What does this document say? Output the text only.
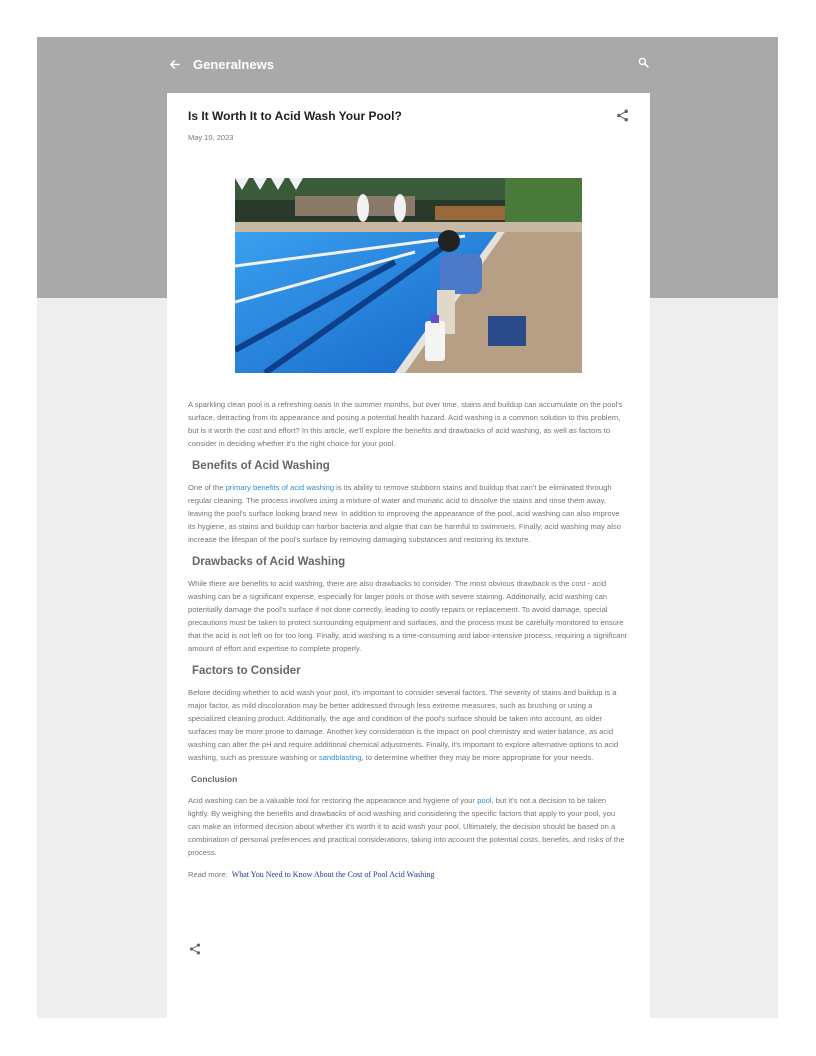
Generalnews
Is It Worth It to Acid Wash Your Pool?
May 10, 2023

A sparkling clean pool is a refreshing oasis in the summer months, but over time, stains and buildup can accumulate on the pool's surface, detracting from its appearance and posing a potential health hazard. Acid washing is a common solution to this problem, but is it worth the cost and effort? In this article, we'll explore the benefits and drawbacks of acid washing, as well as factors to consider in deciding whether it's the right choice for your pool.

Benefits of Acid Washing

One of the primary benefits of acid washing is its ability to remove stubborn stains and buildup that can't be eliminated through regular cleaning. The process involves using a mixture of water and muriatic acid to dissolve the stains and rinse them away, leaving the pool's surface looking brand new. In addition to improving the appearance of the pool, acid washing can also improve its hygiene, as stains and buildup can harbor bacteria and algae that can be harmful to swimmers. Finally, acid washing may also increase the lifespan of the pool's surface by removing damaging substances and restoring its texture.

Drawbacks of Acid Washing

While there are benefits to acid washing, there are also drawbacks to consider. The most obvious drawback is the cost - acid washing can be a significant expense, especially for larger pools or those with severe staining. Additionally, acid washing can potentially damage the pool's surface if not done correctly, leading to costly repairs or replacement. To avoid damage, special precautions must be taken to protect surrounding equipment and surfaces, and the process must be carefully monitored to ensure that the acid is not left on for too long. Finally, acid washing is a time-consuming and labor-intensive process, requiring a significant amount of effort and expertise to complete properly.

Factors to Consider

Before deciding whether to acid wash your pool, it's important to consider several factors. The severity of stains and buildup is a major factor, as mild discoloration may be better addressed through less extreme measures, such as brushing or using a specialized cleaning product. Additionally, the age and condition of the pool's surface should be taken into account, as older surfaces may be more prone to damage. Another key consideration is the impact on pool chemistry and water balance, as acid washing can alter the pH and require additional chemical adjustments. Finally, it's important to explore alternative options to acid washing, such as pressure washing or sandblasting, to determine whether they may be more appropriate for your needs.

Conclusion

Acid washing can be a valuable tool for restoring the appearance and hygiene of your pool, but it's not a decision to be taken lightly. By weighing the benefits and drawbacks of acid washing and considering the specific factors that apply to your pool, you can make an informed decision about whether it's worth it to acid wash your pool. Ultimately, the decision should be based on a combination of personal preferences and practical considerations, taking into account the potential costs, benefits, and risks of the process.

Read more: What You Need to Know About the Cost of Pool Acid Washing
